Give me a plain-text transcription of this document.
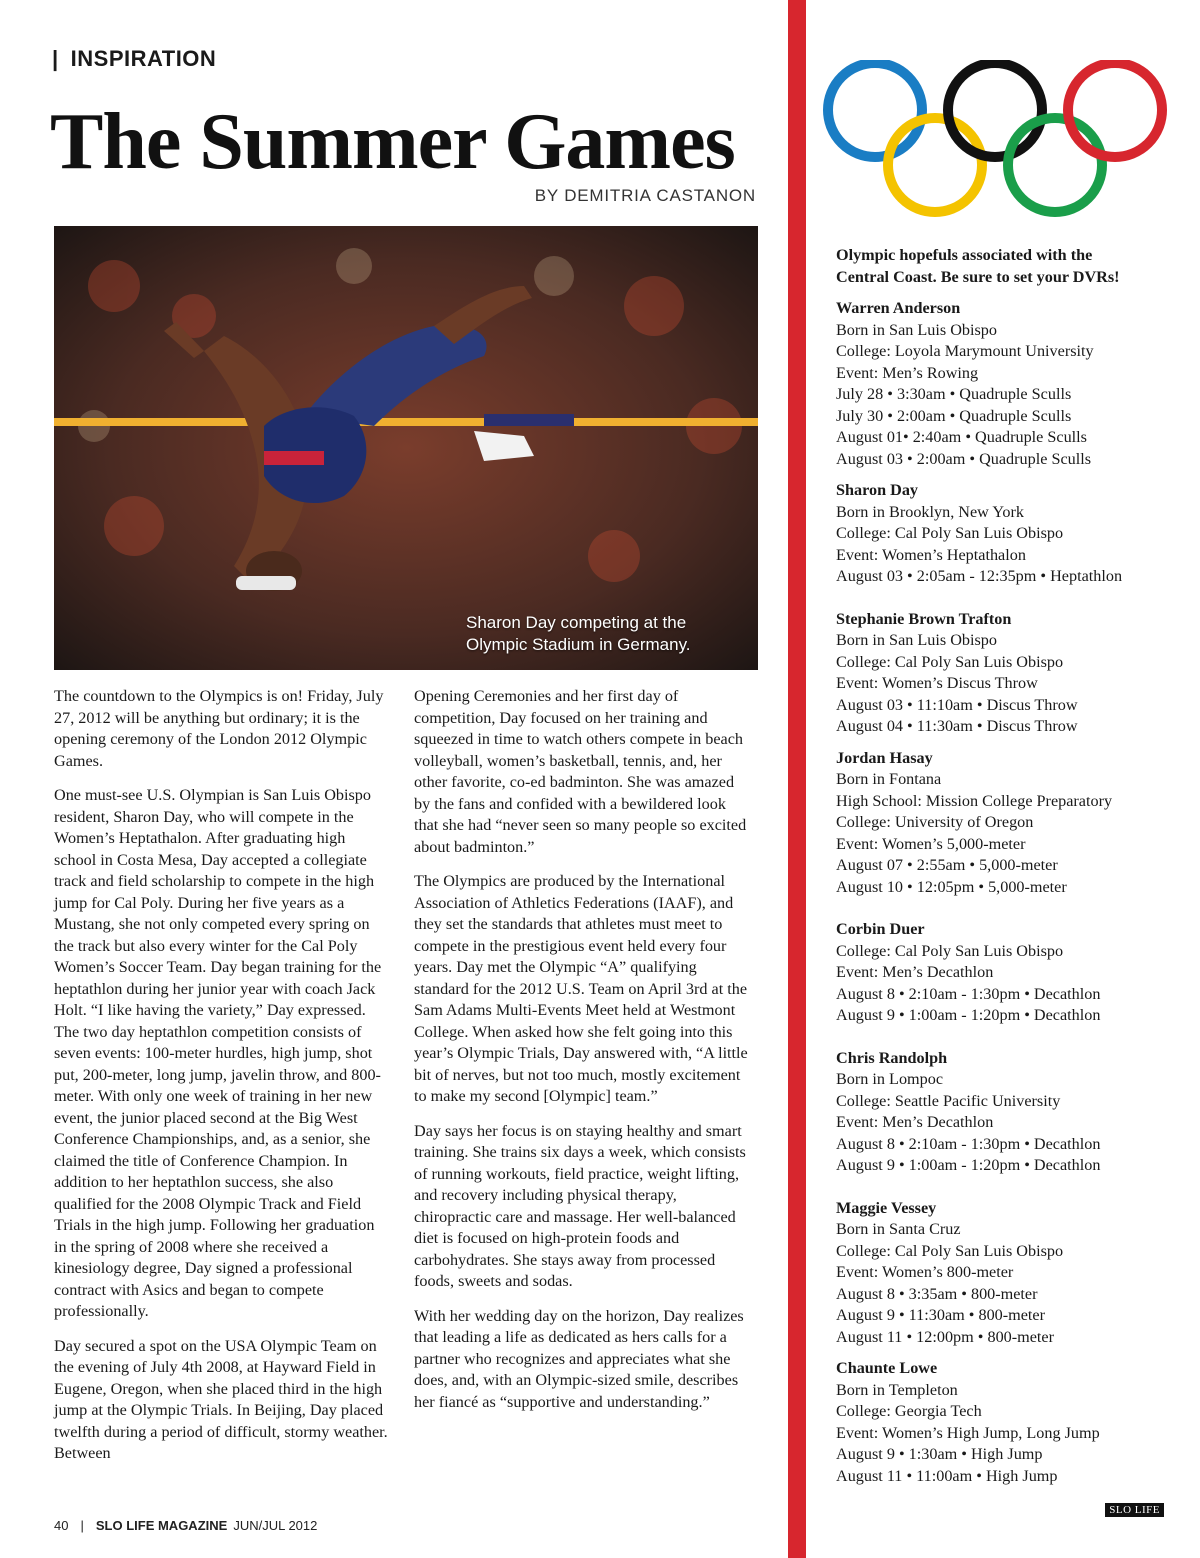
| INSPIRATION
The Summer Games
BY DEMITRIA CASTANON
Sharon Day competing at the
Olympic Stadium in Germany.

The countdown to the Olympics is on! Friday, July 27, 2012 will be anything but ordinary; it is the opening ceremony of the London 2012 Olympic Games.

One must-see U.S. Olympian is San Luis Obispo resident, Sharon Day, who will compete in the Women’s Heptathalon. After graduating high school in Costa Mesa, Day accepted a collegiate track and field scholarship to compete in the high jump for Cal Poly. During her five years as a Mustang, she not only competed every spring on the track but also every winter for the Cal Poly Women’s Soccer Team. Day began training for the heptathlon during her junior year with coach Jack Holt. “I like having the variety,” Day expressed. The two day heptathlon competition consists of seven events: 100-meter hurdles, high jump, shot put, 200-meter, long jump, javelin throw, and 800-meter. With only one week of training in her new event, the junior placed second at the Big West Conference Championships, and, as a senior, she claimed the title of Conference Champion. In addition to her heptathlon success, she also qualified for the 2008 Olympic Track and Field Trials in the high jump. Following her graduation in the spring of 2008 where she received a kinesiology degree, Day signed a professional contract with Asics and began to compete professionally.

Day secured a spot on the USA Olympic Team on the evening of July 4th 2008, at Hayward Field in Eugene, Oregon, when she placed third in the high jump at the Olympic Trials. In Beijing, Day placed twelfth during a period of difficult, stormy weather. Between

Opening Ceremonies and her first day of competition, Day focused on her training and squeezed in time to watch others compete in beach volleyball, women’s basketball, tennis, and, her other favorite, co-ed badminton. She was amazed by the fans and confided with a bewildered look that she had “never seen so many people so excited about badminton.”

The Olympics are produced by the International Association of Athletics Federations (IAAF), and they set the standards that athletes must meet to compete in the prestigious event held every four years. Day met the Olympic “A” qualifying standard for the 2012 U.S. Team on April 3rd at the Sam Adams Multi-Events Meet held at Westmont College. When asked how she felt going into this year’s Olympic Trials, Day answered with, “A little bit of nerves, but not too much, mostly excitement to make my second [Olympic] team.”

Day says her focus is on staying healthy and smart training. She trains six days a week, which consists of running workouts, field practice, weight lifting, and recovery including physical therapy, chiropractic care and massage. Her well-balanced diet is focused on high-protein foods and carbohydrates. She stays away from processed foods, sweets and sodas.

With her wedding day on the horizon, Day realizes that leading a life as dedicated as hers calls for a partner who recognizes and appreciates what she does, and, with an Olympic-sized smile, describes her fiancé as “supportive and understanding.”

Olympic hopefuls associated with the
Central Coast. Be sure to set your DVRs!
Warren Anderson
Born in San Luis Obispo
College: Loyola Marymount University
Event: Men’s Rowing
July 28 • 3:30am • Quadruple Sculls
July 30 • 2:00am • Quadruple Sculls
August 01• 2:40am • Quadruple Sculls
August 03 • 2:00am • Quadruple Sculls
Sharon Day
Born in Brooklyn, New York
College: Cal Poly San Luis Obispo
Event: Women’s Heptathalon
August 03 • 2:05am - 12:35pm • Heptathlon
Stephanie Brown Trafton
Born in San Luis Obispo
College: Cal Poly San Luis Obispo
Event: Women’s Discus Throw
August 03 • 11:10am • Discus Throw
August 04 • 11:30am • Discus Throw
Jordan Hasay
Born in Fontana
High School: Mission College Preparatory
College: University of Oregon
Event: Women’s 5,000-meter
August 07 • 2:55am • 5,000-meter
August 10 • 12:05pm • 5,000-meter
Corbin Duer
College: Cal Poly San Luis Obispo
Event: Men’s Decathlon
August 8 • 2:10am - 1:30pm • Decathlon
August 9 • 1:00am - 1:20pm • Decathlon
Chris Randolph
Born in Lompoc
College: Seattle Pacific University
Event: Men’s Decathlon
August 8 • 2:10am - 1:30pm • Decathlon
August 9 • 1:00am - 1:20pm • Decathlon
Maggie Vessey
Born in Santa Cruz
College: Cal Poly San Luis Obispo
Event: Women’s 800-meter
August 8 • 3:35am • 800-meter
August 9 • 11:30am • 800-meter
August 11 • 12:00pm • 800-meter
Chaunte Lowe
Born in Templeton
College: Georgia Tech
Event: Women’s High Jump, Long Jump
August 9 • 1:30am • High Jump
August 11 • 11:00am • High Jump
40 | SLO LIFE MAGAZINE JUN/JUL 2012
SLO LIFE
